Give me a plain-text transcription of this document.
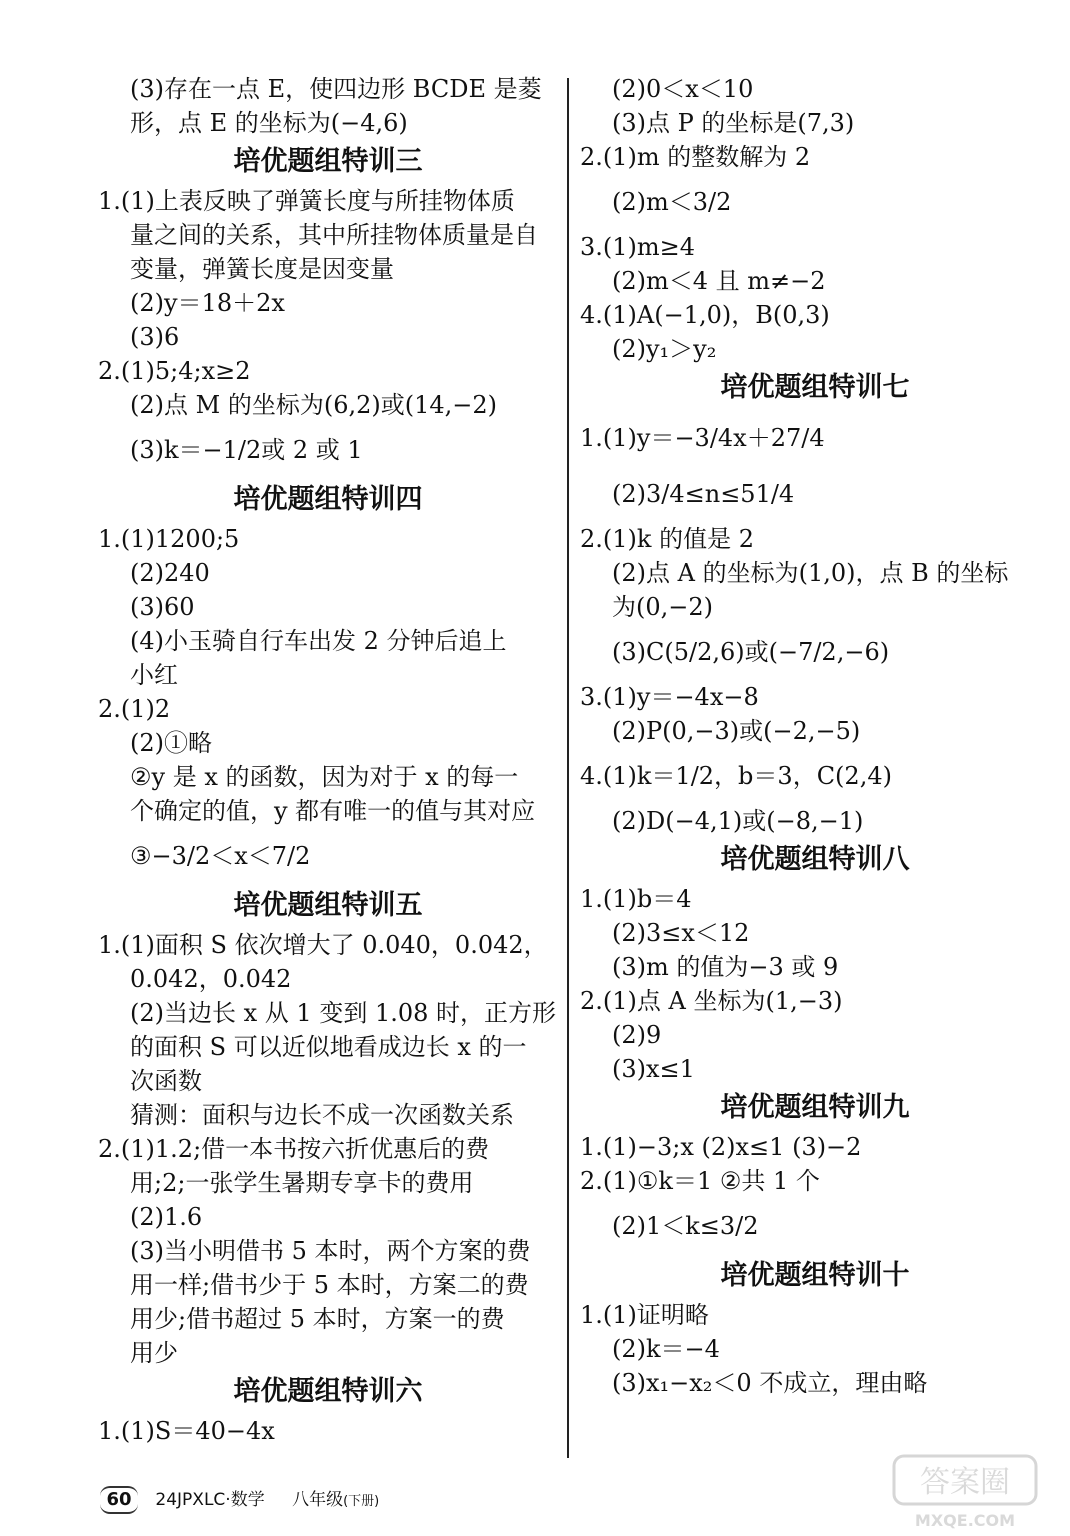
(3)存在一点 E，使四边形 BCDE 是菱
形，点 E 的坐标为(−4,6)
培优题组特训三
1.(1)上表反映了弹簧长度与所挂物体质
量之间的关系，其中所挂物体质量是自
变量，弹簧长度是因变量
(2)y＝18＋2x
(3)6
2.(1)5;4;x≥2
(2)点 M 的坐标为(6,2)或(14,−2)
(3)k＝−1/2或 2 或 1
培优题组特训四
1.(1)1200;5
(2)240
(3)60
(4)小玉骑自行车出发 2 分钟后追上
小红
2.(1)2
(2)①略
②y 是 x 的函数，因为对于 x 的每一
个确定的值，y 都有唯一的值与其对应
③−3/2＜x＜7/2
培优题组特训五
1.(1)面积 S 依次增大了 0.040，0.042，
0.042，0.042
(2)当边长 x 从 1 变到 1.08 时，正方形
的面积 S 可以近似地看成边长 x 的一
次函数
猜测：面积与边长不成一次函数关系
2.(1)1.2;借一本书按六折优惠后的费
用;2;一张学生暑期专享卡的费用
(2)1.6
(3)当小明借书 5 本时，两个方案的费
用一样;借书少于 5 本时，方案二的费
用少;借书超过 5 本时，方案一的费
用少
培优题组特训六
1.(1)S＝40−4x
(2)0＜x＜10
(3)点 P 的坐标是(7,3)
2.(1)m 的整数解为 2
(2)m＜3/2
3.(1)m≥4
(2)m＜4 且 m≠−2
4.(1)A(−1,0)，B(0,3)
(2)y₁＞y₂
培优题组特训七
1.(1)y＝−3/4x＋27/4
(2)3/4≤n≤51/4
2.(1)k 的值是 2
(2)点 A 的坐标为(1,0)，点 B 的坐标
为(0,−2)
(3)C(5/2,6)或(−7/2,−6)
3.(1)y＝−4x−8
(2)P(0,−3)或(−2,−5)
4.(1)k＝1/2，b＝3，C(2,4)
(2)D(−4,1)或(−8,−1)
培优题组特训八
1.(1)b＝4
(2)3≤x＜12
(3)m 的值为−3 或 9
2.(1)点 A 坐标为(1,−3)
(2)9
(3)x≤1
培优题组特训九
1.(1)−3;x (2)x≤1 (3)−2
2.(1)①k＝1 ②共 1 个
(2)1＜k≤3/2
培优题组特训十
1.(1)证明略
(2)k＝−4
(3)x₁−x₂＜0 不成立，理由略
60 24JPXLC·数学 八年级(下册)
答案圈
MXQE.COM
